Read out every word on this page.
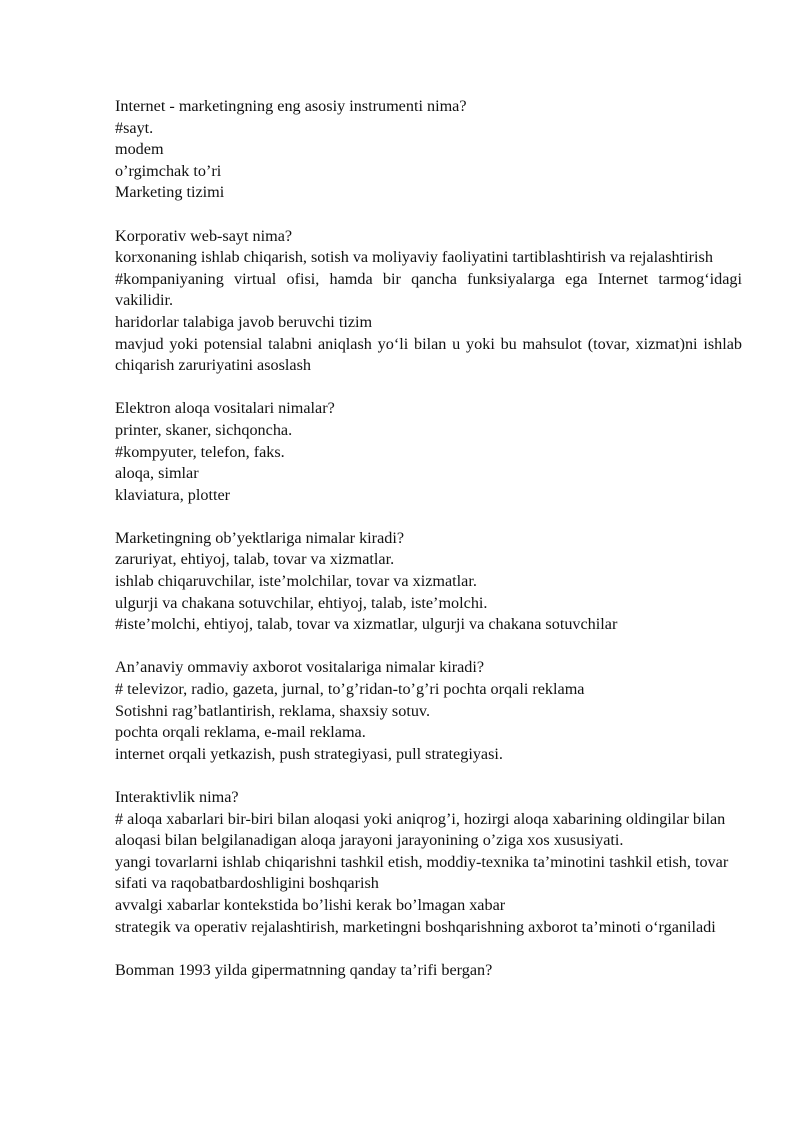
Internet - marketingning eng asosiy instrumenti nima?
#sayt.
modem
o’rgimchak to’ri
Marketing tizimi
Korporativ web-sayt nima?
korxonaning ishlab chiqarish, sotish va moliyaviy faoliyatini tartiblashtirish va rejalashtirish
#kompaniyaning virtual ofisi, hamda bir qancha funksiyalarga ega Internet tarmog‘idagi vakilidir.
haridorlar talabiga javob beruvchi tizim
mavjud yoki potensial talabni aniqlash yo‘li bilan u yoki bu mahsulot (tovar, xizmat)ni ishlab chiqarish zaruriyatini asoslash
Elektron aloqa vositalari nimalar?
printer, skaner, sichqoncha.
#kompyuter, telefon, faks.
aloqa, simlar
klaviatura, plotter
Marketingning ob’yektlariga nimalar kiradi?
zaruriyat, ehtiyoj, talab, tovar va xizmatlar.
ishlab chiqaruvchilar, iste’molchilar, tovar va xizmatlar.
ulgurji va chakana sotuvchilar, ehtiyoj, talab, iste’molchi.
#iste’molchi, ehtiyoj, talab, tovar va xizmatlar, ulgurji va chakana sotuvchilar
An’anaviy ommaviy axborot vositalariga nimalar kiradi?
# televizor, radio, gazeta, jurnal, to’g’ridan-to’g’ri pochta orqali reklama
Sotishni rag’batlantirish, reklama, shaxsiy sotuv.
pochta orqali reklama, e-mail reklama.
internet orqali yetkazish, push strategiyasi, pull strategiyasi.
Interaktivlik nima?
# aloqa xabarlari bir-biri bilan aloqasi yoki aniqrog’i, hozirgi aloqa xabarining oldingilar bilan aloqasi bilan belgilanadigan aloqa jarayoni jarayonining o’ziga xos xususiyati.
yangi tovarlarni ishlab chiqarishni tashkil etish, moddiy-texnika ta’minotini tashkil etish, tovar sifati va raqobatbardoshligini boshqarish
avvalgi xabarlar kontekstida bo’lishi kerak bo’lmagan xabar
strategik va operativ rejalashtirish, marketingni boshqarishning axborot ta’minoti o‘rganiladi
Bomman 1993 yilda gipermatnning qanday ta’rifi bergan?
